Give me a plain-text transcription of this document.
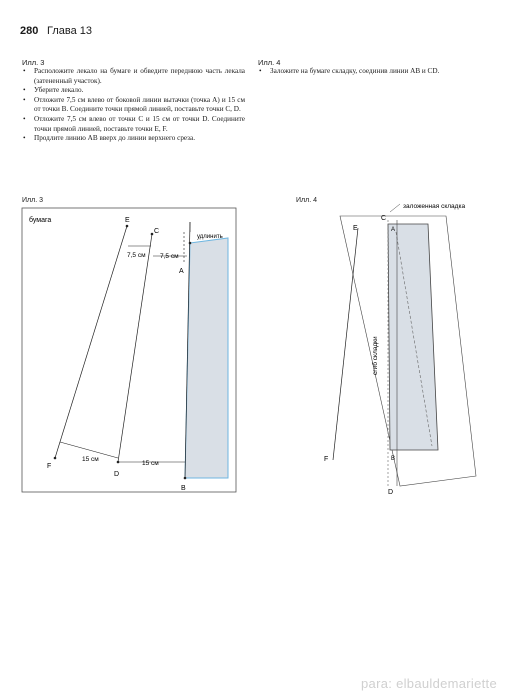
280 Глава 13
Илл. 3
• Расположите лекало на бумаге и обведите переднюю часть лекала (затененный участок).
• Уберите лекало.
• Отложите 7,5 см влево от боковой линии вытачки (точка А) и 15 см от точки В. Соедините точки прямой линией, поставьте точки С, D.
• Отложите 7,5 см влево от точки С и 15 см от точки D. Соедините точки прямой линией, поставьте точки Е, F.
• Продлите линию АВ вверх до линии верхнего среза.
Илл. 4
• Заложите на бумаге складку, соединив линии АВ и CD.
Илл. 3
бумага	E
C
удлинить
A
F
D
B
7,5 см 7,5 см
15 см
15 см
Илл. 4
заложенная складка
C
E	A
сгиб складки
F	B
D
para: elbauldemariette
